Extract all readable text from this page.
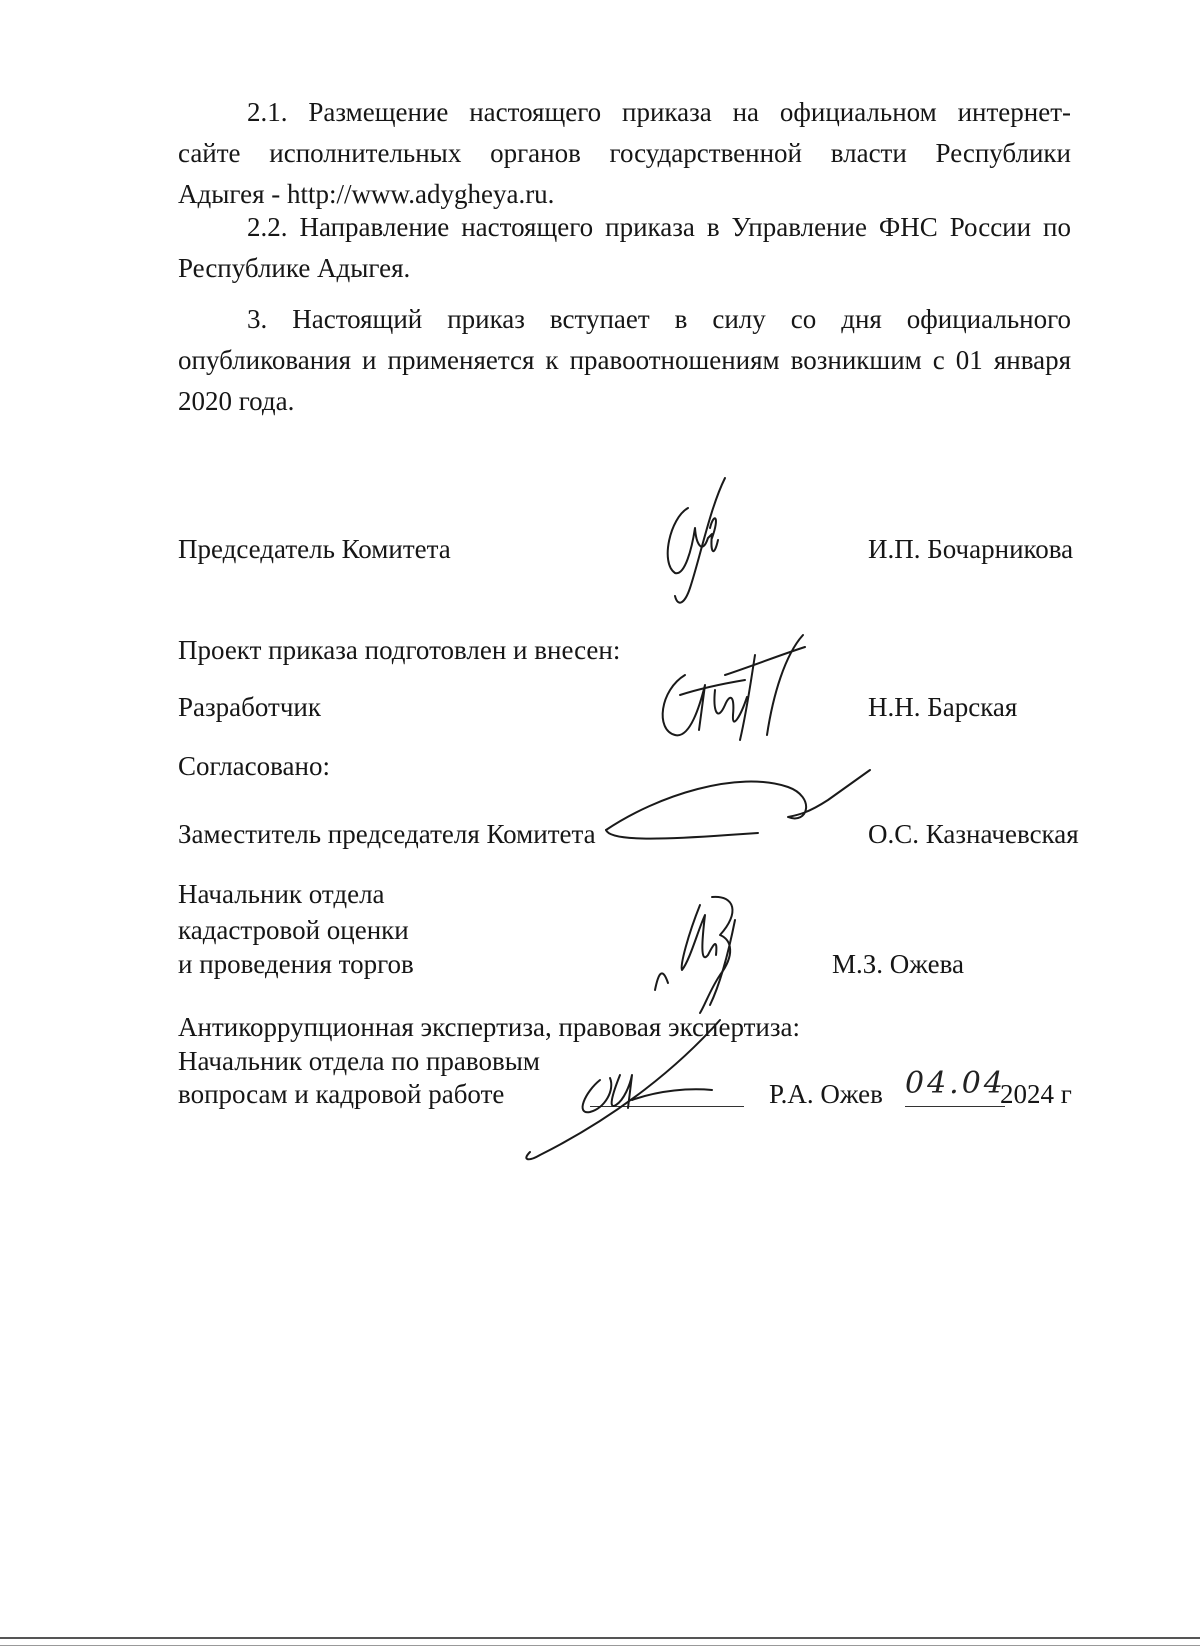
2.1. Размещение настоящего приказа на официальном интернет-
сайте исполнительных органов государственной власти Республики
Адыгея - http://www.adygheya.ru.
2.2. Направление настоящего приказа в Управление ФНС России по
Республике Адыгея.
3. Настоящий приказ вступает в силу со дня официального
опубликования и применяется к правоотношениям возникшим с 01 января
2020 года.
Председатель Комитета	И.П. Бочарникова
Проект приказа подготовлен и внесен:
Разработчик	Н.Н. Барская
Согласовано:
Заместитель председателя Комитета	О.С. Казначевская
Начальник отдела
кадастровой оценки
и проведения торгов	М.З. Ожева
Антикоррупционная экспертиза, правовая экспертиза:
Начальник отдела по правовым
вопросам и кадровой работе	Р.А. Ожев 04.04
2024 г
